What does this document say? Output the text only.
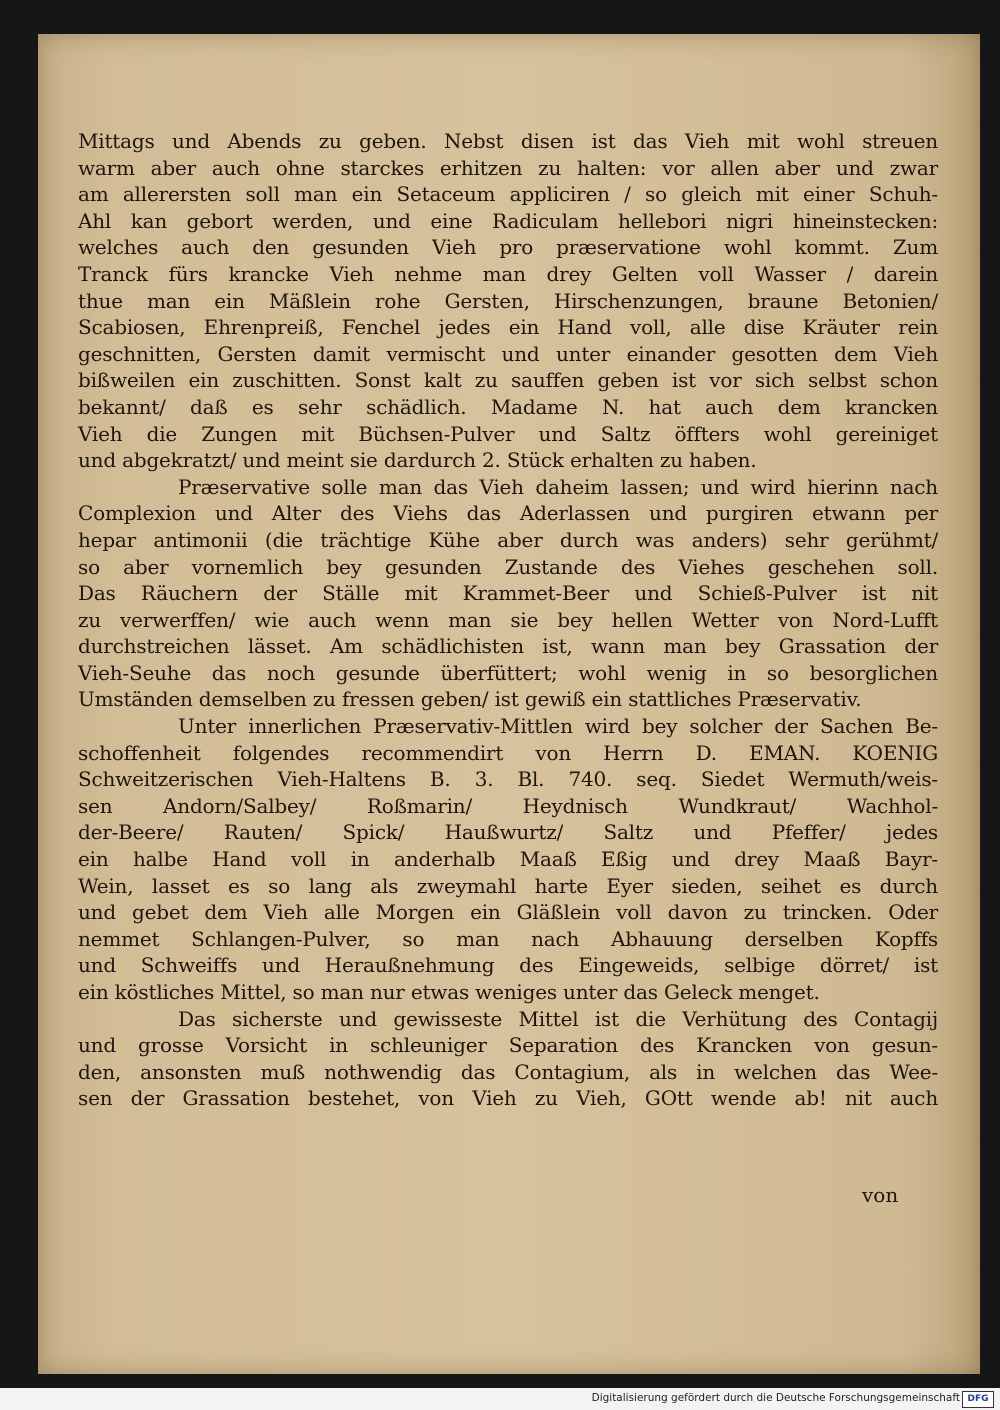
Mittags und Abends zu geben. Nebst disen ist das Vieh mit wohl streuen
warm aber auch ohne starckes erhitzen zu halten: vor allen aber und zwar
am allerersten soll man ein Setaceum appliciren / so gleich mit einer Schuh-
Ahl kan gebort werden, und eine Radiculam hellebori nigri hineinstecken:
welches auch den gesunden Vieh pro præservatione wohl kommt. Zum
Tranck fürs krancke Vieh nehme man drey Gelten voll Wasser / darein
thue man ein Mäßlein rohe Gersten, Hirschenzungen, braune Betonien/
Scabiosen, Ehrenpreiß, Fenchel jedes ein Hand voll, alle dise Kräuter rein
geschnitten, Gersten damit vermischt und unter einander gesotten dem Vieh
bißweilen ein zuschitten. Sonst kalt zu sauffen geben ist vor sich selbst schon
bekannt/ daß es sehr schädlich. Madame N. hat auch dem krancken
Vieh die Zungen mit Büchsen-Pulver und Saltz öffters wohl gereiniget
und abgekratzt/ und meint sie dardurch 2. Stück erhalten zu haben.
Præservative solle man das Vieh daheim lassen; und wird hierinn nach
Complexion und Alter des Viehs das Aderlassen und purgiren etwann per
hepar antimonii (die trächtige Kühe aber durch was anders) sehr gerühmt/
so aber vornemlich bey gesunden Zustande des Viehes geschehen soll.
Das Räuchern der Ställe mit Krammet-Beer und Schieß-Pulver ist nit
zu verwerffen/ wie auch wenn man sie bey hellen Wetter von Nord-Lufft
durchstreichen lässet. Am schädlichisten ist, wann man bey Grassation der
Vieh-Seuhe das noch gesunde überfüttert; wohl wenig in so besorglichen
Umständen demselben zu fressen geben/ ist gewiß ein stattliches Præservativ.
Unter innerlichen Præservativ-Mittlen wird bey solcher der Sachen Be-
schoffenheit folgendes recommendirt von Herrn D. EMAN. KOENIG
Schweitzerischen Vieh-Haltens B. 3. Bl. 740. seq. Siedet Wermuth/weis-
sen Andorn/Salbey/ Roßmarin/ Heydnisch Wundkraut/ Wachhol-
der-Beere/ Rauten/ Spick/ Haußwurtz/ Saltz und Pfeffer/ jedes
ein halbe Hand voll in anderhalb Maaß Eßig und drey Maaß Bayr-
Wein, lasset es so lang als zweymahl harte Eyer sieden, seihet es durch
und gebet dem Vieh alle Morgen ein Gläßlein voll davon zu trincken. Oder
nemmet Schlangen-Pulver, so man nach Abhauung derselben Kopffs
und Schweiffs und Heraußnehmung des Eingeweids, selbige dörret/ ist
ein köstliches Mittel, so man nur etwas weniges unter das Geleck menget.
Das sicherste und gewisseste Mittel ist die Verhütung des Contagij
und grosse Vorsicht in schleuniger Separation des Krancken von gesun-
den, ansonsten muß nothwendig das Contagium, als in welchen das Wee-
sen der Grassation bestehet, von Vieh zu Vieh, GOtt wende ab! nit auch
von
Digitalisierung gefördert durch die Deutsche Forschungsgemeinschaft DFG
